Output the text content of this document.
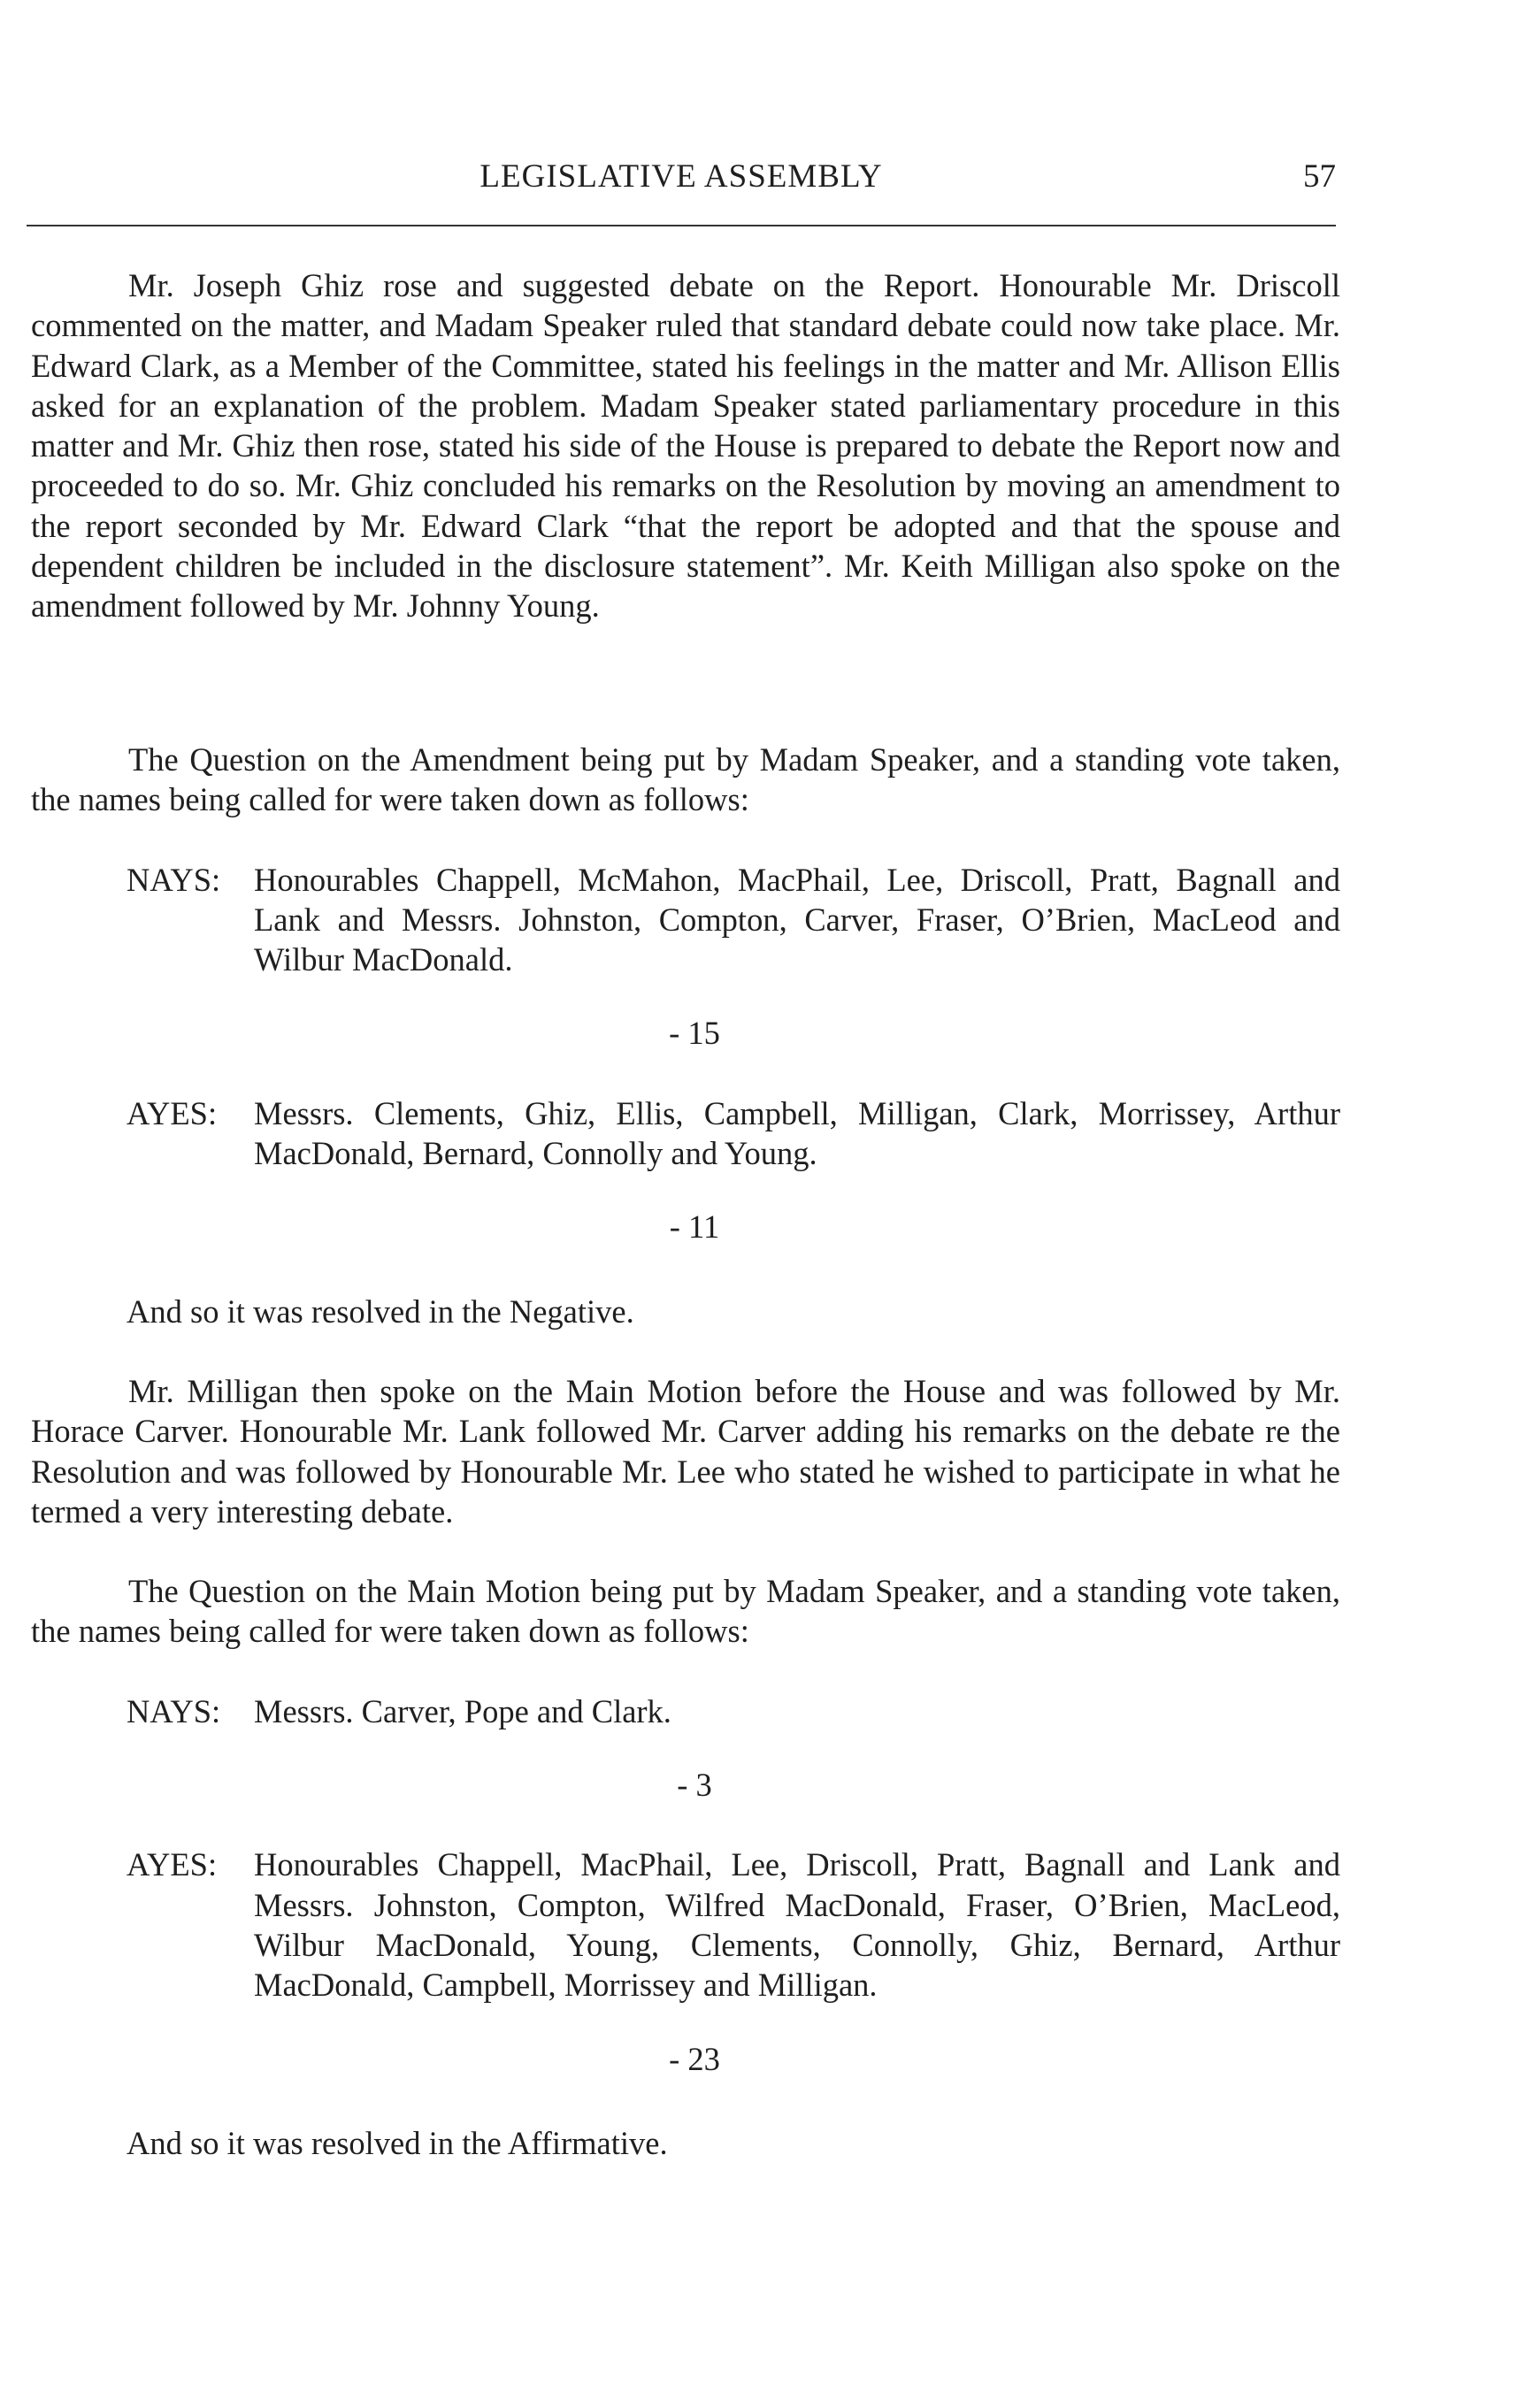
LEGISLATIVE ASSEMBLY	57

Mr. Joseph Ghiz rose and suggested debate on the Report. Honourable Mr. Driscoll commented on the matter, and Madam Speaker ruled that standard debate could now take place. Mr. Edward Clark, as a Member of the Committee, stated his feelings in the matter and Mr. Allison Ellis asked for an explanation of the problem. Madam Speaker stated parliamentary procedure in this matter and Mr. Ghiz then rose, stated his side of the House is prepared to debate the Report now and proceeded to do so. Mr. Ghiz concluded his remarks on the Resolution by moving an amendment to the report seconded by Mr. Edward Clark “that the report be adopted and that the spouse and dependent children be included in the disclosure statement”. Mr. Keith Milligan also spoke on the amendment followed by Mr. Johnny Young.

The Question on the Amendment being put by Madam Speaker, and a standing vote taken, the names being called for were taken down as follows:

NAYS:	Honourables Chappell, McMahon, MacPhail, Lee, Driscoll, Pratt, Bagnall and Lank and Messrs. Johnston, Compton, Carver, Fraser, O’Brien, MacLeod and Wilbur MacDonald.
- 15
AYES:	Messrs. Clements, Ghiz, Ellis, Campbell, Milligan, Clark, Morrissey, Arthur MacDonald, Bernard, Connolly and Young.
- 11
And so it was resolved in the Negative.

Mr. Milligan then spoke on the Main Motion before the House and was followed by Mr. Horace Carver. Honourable Mr. Lank followed Mr. Carver adding his remarks on the debate re the Resolution and was followed by Honourable Mr. Lee who stated he wished to participate in what he termed a very interesting debate.

The Question on the Main Motion being put by Madam Speaker, and a standing vote taken, the names being called for were taken down as follows:

NAYS:	Messrs. Carver, Pope and Clark.
- 3
AYES:	Honourables Chappell, MacPhail, Lee, Driscoll, Pratt, Bagnall and Lank and Messrs. Johnston, Compton, Wilfred MacDonald, Fraser, O’Brien, MacLeod, Wilbur MacDonald, Young, Clements, Connolly, Ghiz, Bernard, Arthur MacDonald, Campbell, Morrissey and Milligan.
- 23
And so it was resolved in the Affirmative.
